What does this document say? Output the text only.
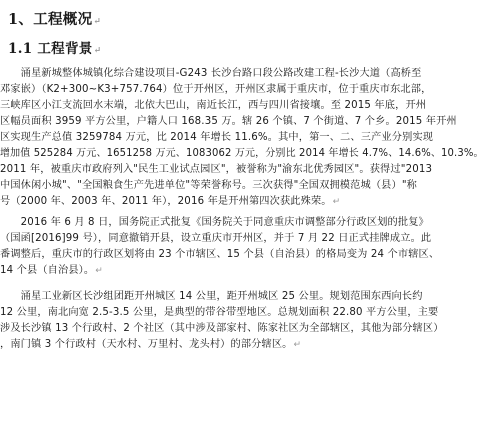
1、工程概况↵
1.1 工程背景↵
　　涌星新城整体城镇化综合建设项目-G243 长沙台路口段公路改建工程-长沙大道（高桥至
邓家嵌）（K2+300~K3+757.764）位于开州区，开州区隶属于重庆市，位于重庆市东北部，
三峡库区小江支流回水末端，北依大巴山，南近长江，西与四川省接壤。至 2015 年底，开州
区幅员面积 3959 平方公里，户籍人口 168.35 万。辖 26 个镇、7 个街道、7 个乡。2015 年开州
区实现生产总值 3259784 万元，比 2014 年增长 11.6%。其中，第一、二、三产业分别实现
增加值 525284 万元、1651258 万元、1083062 万元，分别比 2014 年增长 4.7%、14.6%、10.3%。
2011 年，被重庆市政府列入"民生工业试点园区"，被誉称为"渝东北优秀园区"。获得过"2013
中国休闲小城"、"全国粮食生产先进单位"等荣誉称号。三次获得"全国双拥模范城（县）"称
号（2000 年、2003 年、2011 年），2016 年是开州第四次获此殊荣。↵
　　2016 年 6 月 8 日，国务院正式批复《国务院关于同意重庆市调整部分行政区划的批复》
（国函[2016]99 号），同意撤销开县，设立重庆市开州区，并于 7 月 22 日正式挂牌成立。此
番调整后，重庆市的行政区划将由 23 个市辖区、15 个县（自治县）的格局变为 24 个市辖区、
14 个县（自治县）。↵
　　涌星工业新区长沙组团距开州城区 14 公里，距开州城区 25 公里。规划范围东西向长约
12 公里，南北向宽 2.5-3.5 公里，是典型的带谷带型地区。总规划面积 22.80 平方公里，主要
涉及长沙镇 13 个行政村、2 个社区（其中涉及部家村、陈家社区为全部辖区，其他为部分辖区）
，南门镇 3 个行政村（天水村、万里村、龙头村）的部分辖区。↵
